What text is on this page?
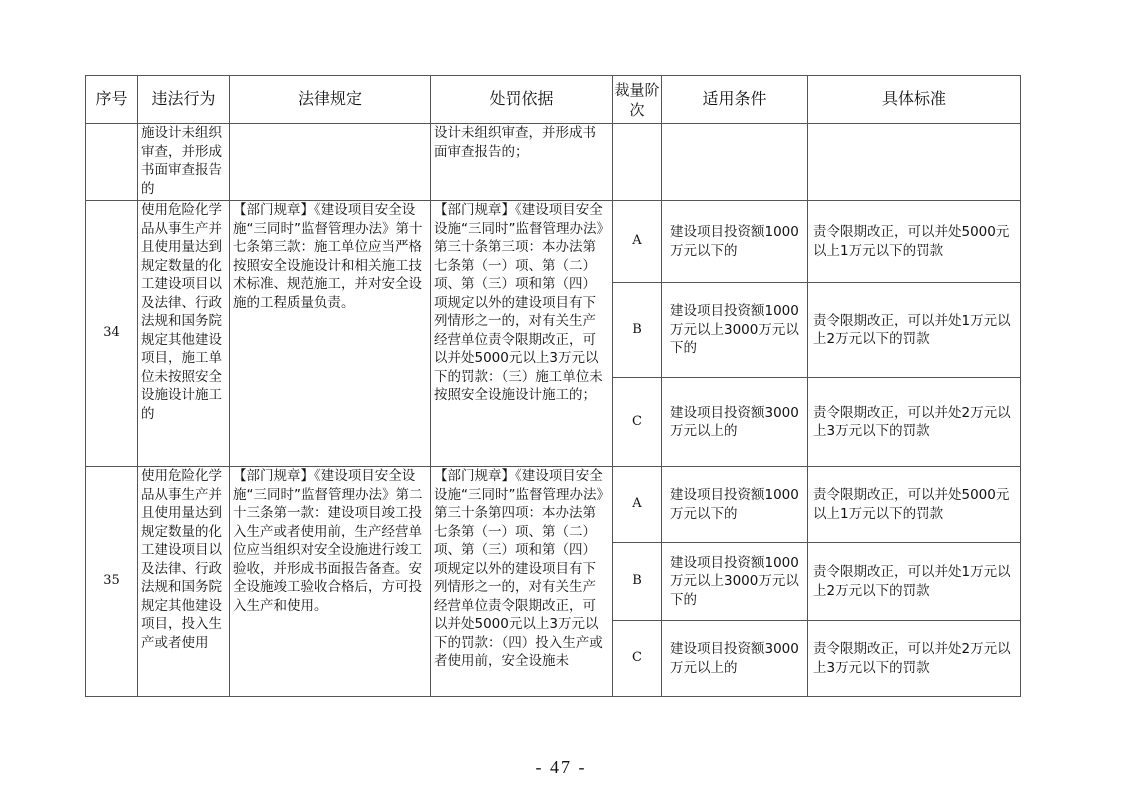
序号	违法行为	法律规定	处罚依据	裁量阶次	适用条件	具体标准
	施设计未组织审查，并形成书面审查报告的		设计未组织审查，并形成书面审查报告的；			
34	使用危险化学品从事生产并且使用量达到规定数量的化工建设项目以及法律、行政法规和国务院规定其他建设项目，施工单位未按照安全设施设计施工的	【部门规章】《建设项目安全设施“三同时”监督管理办法》第十七条第三款：施工单位应当严格按照安全设施设计和相关施工技术标准、规范施工，并对安全设施的工程质量负责。	【部门规章】《建设项目安全设施“三同时”监督管理办法》第三十条第三项：本办法第七条第（一）项、第（二）项、第（三）项和第（四）项规定以外的建设项目有下列情形之一的，对有关生产经营单位责令限期改正，可以并处5000元以上3万元以下的罚款：（三）施工单位未按照安全设施设计施工的；	A	建设项目投资额1000万元以下的	责令限期改正，可以并处5000元以上1万元以下的罚款
				B	建设项目投资额1000万元以上3000万元以下的	责令限期改正，可以并处1万元以上2万元以下的罚款
				C	建设项目投资额3000万元以上的	责令限期改正，可以并处2万元以上3万元以下的罚款
35	使用危险化学品从事生产并且使用量达到规定数量的化工建设项目以及法律、行政法规和国务院规定其他建设项目，投入生产或者使用	【部门规章】《建设项目安全设施“三同时”监督管理办法》第二十三条第一款：建设项目竣工投入生产或者使用前，生产经营单位应当组织对安全设施进行竣工验收，并形成书面报告备查。安全设施竣工验收合格后，方可投入生产和使用。	【部门规章】《建设项目安全设施“三同时”监督管理办法》第三十条第四项：本办法第七条第（一）项、第（二）项、第（三）项和第（四）项规定以外的建设项目有下列情形之一的，对有关生产经营单位责令限期改正，可以并处5000元以上3万元以下的罚款：（四）投入生产或者使用前，安全设施未	A	建设项目投资额1000万元以下的	责令限期改正，可以并处5000元以上1万元以下的罚款
				B	建设项目投资额1000万元以上3000万元以下的	责令限期改正，可以并处1万元以上2万元以下的罚款
				C	建设项目投资额3000万元以上的	责令限期改正，可以并处2万元以上3万元以下的罚款
- 47 -
